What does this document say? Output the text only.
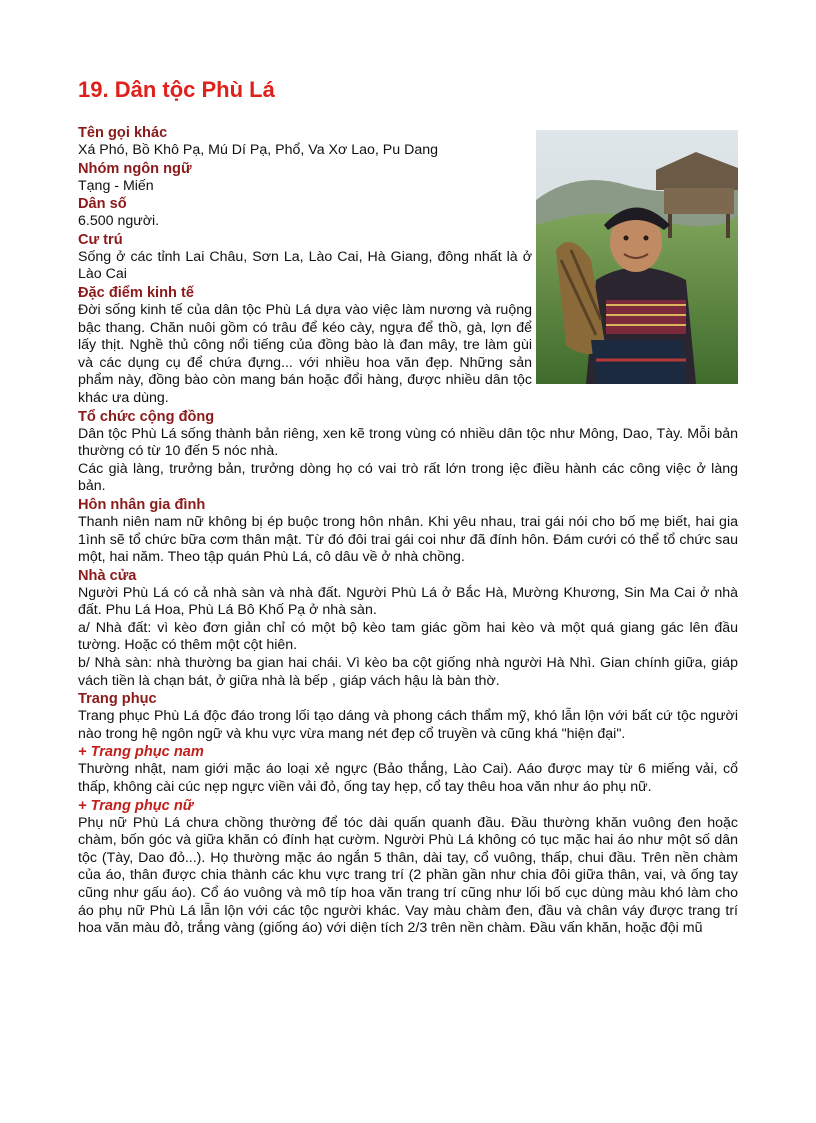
19. Dân tộc Phù Lá
Tên gọi khác
Xá Phó, Bồ Khô Pạ, Mú Dí Pạ, Phổ, Va Xơ Lao, Pu Dang
Nhóm ngôn ngữ
Tạng - Miến
Dân số
6.500 người.
Cư trú
Sống ở các tỉnh Lai Châu, Sơn La, Lào Cai, Hà Giang, đông nhất là ở Lào Cai
Đặc điểm kinh tế
Đời sống kinh tế của dân tộc Phù Lá dựa vào việc làm nương và ruộng bậc thang. Chăn nuôi gồm có trâu để kéo cày, ngựa để thồ, gà, lợn để lấy thịt. Nghề thủ công nổi tiếng của đồng bào là đan mây, tre làm gùi và các dụng cụ để chứa đựng... với nhiều hoa văn đẹp. Những sản phẩm này, đồng bào còn mang bán hoặc đổi hàng, được nhiều dân tộc khác ưa dùng.
Tổ chức cộng đồng
Dân tộc Phù Lá sống thành bản riêng, xen kẽ trong vùng có nhiều dân tộc như Mông, Dao, Tày. Mỗi bản thường có từ 10 đến 5 nóc nhà.
Các già làng, trưởng bản, trưởng dòng họ có vai trò rất lớn trong iệc điều hành các công việc ở làng bản.
Hôn nhân gia đình
Thanh niên nam nữ không bị ép buộc trong hôn nhân. Khi yêu nhau, trai gái nói cho bố mẹ biết, hai gia 1ình sẽ tổ chức bữa cơm thân mật. Từ đó đôi trai gái coi như đã đính hôn. Đám cưới có thể tổ chức sau một, hai năm. Theo tập quán Phù Lá, cô dâu về ở nhà chồng.
Nhà cửa
Người Phù Lá có cả nhà sàn và nhà đất. Người Phù Lá ở Bắc Hà, Mường Khương, Sin Ma Cai ở nhà đất. Phu Lá Hoa, Phù Lá Bô Khố Pạ ở nhà sàn.
a/ Nhà đất: vì kèo đơn giản chỉ có một bộ kèo tam giác gồm hai kèo và một quá giang gác lên đầu tường. Hoặc có thêm một cột hiên.
b/ Nhà sàn: nhà thường ba gian hai chái. Vì kèo ba cột giống nhà người Hà Nhì. Gian chính giữa, giáp vách tiền là chạn bát, ở giữa nhà là bếp , giáp vách hậu là bàn thờ.
Trang phục
Trang phục Phù Lá độc đáo trong lối tạo dáng và phong cách thẩm mỹ, khó lẫn lộn với bất cứ tộc người nào trong hệ ngôn ngữ và khu vực vừa mang nét đẹp cổ truyền và cũng khá "hiện đại".
+ Trang phục nam
Thường nhật, nam giới mặc áo loại xẻ ngực (Bảo thắng, Lào Cai). Aáo được may từ 6 miếng vải, cổ thấp, không cài cúc nẹp ngực viền vải đỏ, ống tay hẹp, cổ tay thêu hoa văn như áo phụ nữ.
+ Trang phục nữ
Phụ nữ Phù Lá chưa chồng thường để tóc dài quấn quanh đầu. Đầu thường khăn vuông đen hoặc chàm, bốn góc và giữa khăn có đính hạt cườm. Người Phù Lá không có tục mặc hai áo như một số dân tộc (Tày, Dao đỏ...). Họ thường mặc áo ngắn 5 thân, dài tay, cổ vuông, thấp, chui đầu. Trên nền chàm của áo, thân được chia thành các khu vực trang trí (2 phần gần như chia đôi giữa thân, vai, và ống tay cũng như gấu áo). Cổ áo vuông và mô típ hoa văn trang trí cũng như lối bố cục dùng màu khó làm cho áo phụ nữ Phù Lá lẫn lộn với các tộc người khác. Vay màu chàm đen, đầu và chân váy được trang trí hoa văn màu đỏ, trắng vàng (giống áo) với diện tích 2/3 trên nền chàm. Đầu vấn khăn, hoặc đội mũ
